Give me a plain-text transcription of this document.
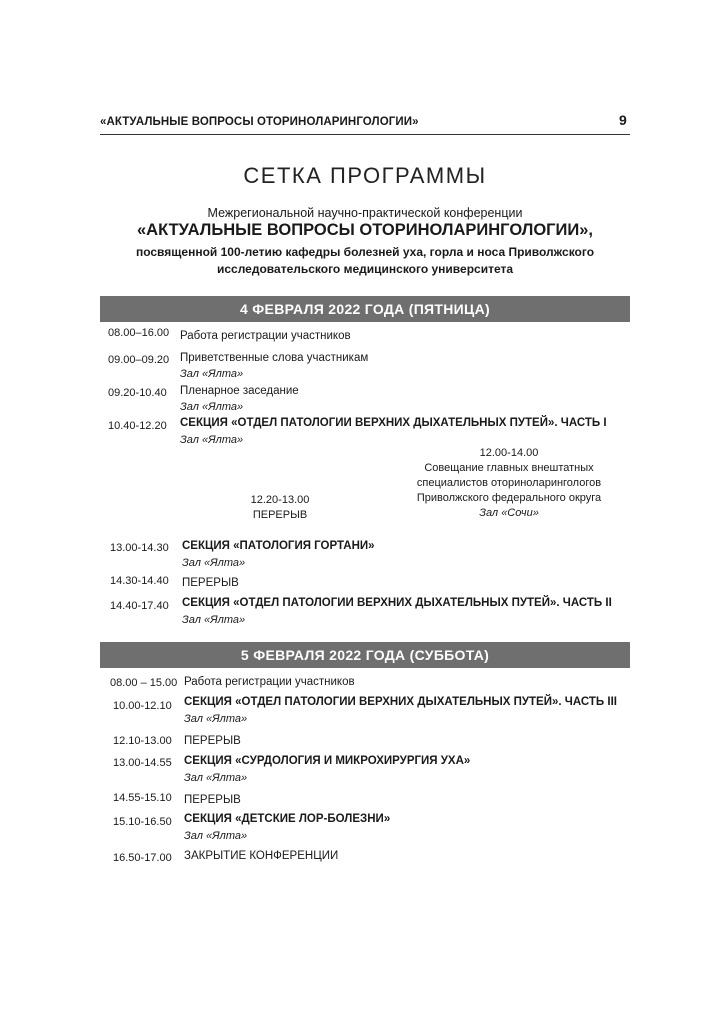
«АКТУАЛЬНЫЕ ВОПРОСЫ ОТОРИНОЛАРИНГОЛОГИИ»	9
СЕТКА ПРОГРАММЫ
Межрегиональной научно-практической конференции
«АКТУАЛЬНЫЕ ВОПРОСЫ ОТОРИНОЛАРИНГОЛОГИИ»,
посвященной 100-летию кафедры болезней уха, горла и носа Приволжского
исследовательского медицинского университета
4 ФЕВРАЛЯ 2022 ГОДА (ПЯТНИЦА)
08.00–16.00 Работа регистрации участников
09.00–09.20 Приветственные слова участникам
Зал «Ялта»
09.20-10.40 Пленарное заседание
Зал «Ялта»
10.40-12.20 СЕКЦИЯ «ОТДЕЛ ПАТОЛОГИИ ВЕРХНИХ ДЫХАТЕЛЬНЫХ ПУТЕЙ». ЧАСТЬ I
Зал «Ялта»
12.20-13.00
ПЕРЕРЫВ
12.00-14.00
Совещание главных внештатных
специалистов оториноларингологов
Приволжского федерального округа
Зал «Сочи»
13.00-14.30 СЕКЦИЯ «ПАТОЛОГИЯ ГОРТАНИ»
Зал «Ялта»
14.30-14.40 ПЕРЕРЫВ
14.40-17.40 СЕКЦИЯ «ОТДЕЛ ПАТОЛОГИИ ВЕРХНИХ ДЫХАТЕЛЬНЫХ ПУТЕЙ». ЧАСТЬ II
Зал «Ялта»
5 ФЕВРАЛЯ 2022 ГОДА (СУББОТА)
08.00 – 15.00 Работа регистрации участников
10.00-12.10 СЕКЦИЯ «ОТДЕЛ ПАТОЛОГИИ ВЕРХНИХ ДЫХАТЕЛЬНЫХ ПУТЕЙ». ЧАСТЬ III
Зал «Ялта»
12.10-13.00 ПЕРЕРЫВ
13.00-14.55 СЕКЦИЯ «СУРДОЛОГИЯ И МИКРОХИРУРГИЯ УХА»
Зал «Ялта»
14.55-15.10 ПЕРЕРЫВ
15.10-16.50 СЕКЦИЯ «ДЕТСКИЕ ЛОР-БОЛЕЗНИ»
Зал «Ялта»
16.50-17.00 ЗАКРЫТИЕ КОНФЕРЕНЦИИ
